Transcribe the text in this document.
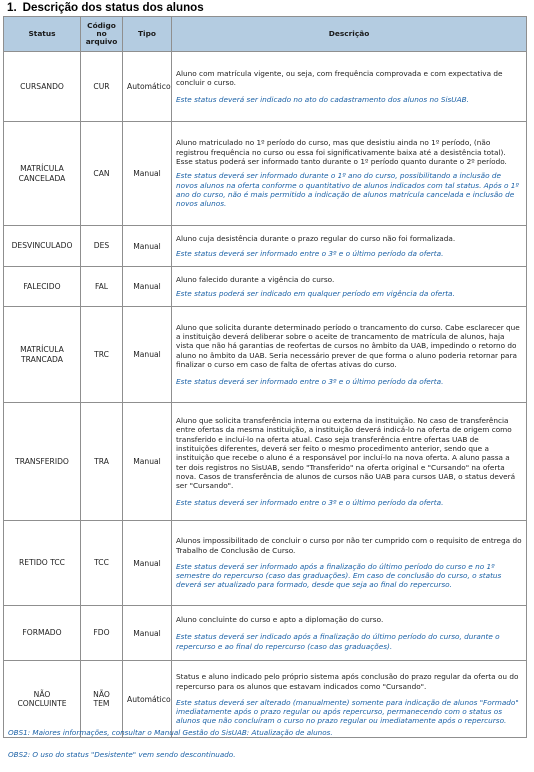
1. Descrição dos status dos alunos
Status	Código no arquivo	Tipo	Descrição
CURSANDO	CUR	Automático	Aluno com matrícula vigente, ou seja, com frequência comprovada e com expectativa de concluir o curso.

Este status deverá ser indicado no ato do cadastramento dos alunos no SisUAB.

MATRÍCULA CANCELADA	CAN	Manual	Aluno matriculado no 1º período do curso, mas que desistiu ainda no 1º período, (não registrou frequência no curso ou essa foi significativamente baixa até a desistência total). Esse status poderá ser informado tanto durante o 1º período quanto durante o 2º período.

Este status deverá ser informado durante o 1º ano do curso, possibilitando a inclusão de novos alunos na oferta conforme o quantitativo de alunos indicados com tal status. Após o 1º ano do curso, não é mais permitido a indicação de alunos matrícula cancelada e inclusão de novos alunos.

DESVINCULADO	DES	Manual	Aluno cuja desistência durante o prazo regular do curso não foi formalizada.

Este status deverá ser informado entre o 3º e o último período da oferta.

FALECIDO	FAL	Manual	Aluno falecido durante a vigência do curso.

Este status poderá ser indicado em qualquer período em vigência da oferta.

MATRÍCULA TRANCADA	TRC	Manual	Aluno que solicita durante determinado período o trancamento do curso. Cabe esclarecer que a instituição deverá deliberar sobre o aceite de trancamento de matrícula de alunos, haja vista que não há garantias de reofertas de cursos no âmbito da UAB, impedindo o retorno do aluno no âmbito da UAB. Seria necessário prever de que forma o aluno poderia retornar para finalizar o curso em caso de falta de ofertas ativas do curso.

Este status deverá ser informado entre o 3º e o último período da oferta.

TRANSFERIDO	TRA	Manual	Aluno que solicita transferência interna ou externa da instituição. No caso de transferência entre ofertas da mesma instituição, a instituição deverá indicá-lo na oferta de origem como transferido e incluí-lo na oferta atual. Caso seja transferência entre ofertas UAB de instituições diferentes, deverá ser feito o mesmo procedimento anterior, sendo que a instituição que recebe o aluno é a responsável por incluí-lo na nova oferta. A aluno passa a ter dois registros no SisUAB, sendo "Transferido" na oferta original e "Cursando" na oferta nova. Casos de transferência de alunos de cursos não UAB para cursos UAB, o status deverá ser "Cursando".

Este status deverá ser informado entre o 3º e o último período da oferta.

RETIDO TCC	TCC	Manual	Alunos impossibilitado de concluir o curso por não ter cumprido com o requisito de entrega do Trabalho de Conclusão de Curso.

Este status deverá ser informado após a finalização do último período do curso e no 1º semestre do repercurso (caso das graduações). Em caso de conclusão do curso, o status deverá ser atualizado para formado, desde que seja ao final do repercurso.

FORMADO	FDO	Manual	Aluno concluinte do curso e apto a diplomação do curso.

Este status deverá ser indicado após a finalização do último período do curso, durante o repercurso e ao final do repercurso (caso das graduações).

NÃO CONCLUINTE	NÃO TEM	Automático	Status e aluno indicado pelo próprio sistema após conclusão do prazo regular da oferta ou do repercurso para os alunos que estavam indicados como "Cursando".

Este status deverá ser alterado (manualmente) somente para indicação de alunos "Formado" imediatamente após o prazo regular ou após repercurso, permanecendo com o status os alunos que não concluíram o curso no prazo regular ou imediatamente após o repercurso.

OBS1: Maiores informações, consultar o Manual Gestão do SisUAB: Atualização de alunos.
OBS2: O uso do status "Desistente" vem sendo descontinuado.
